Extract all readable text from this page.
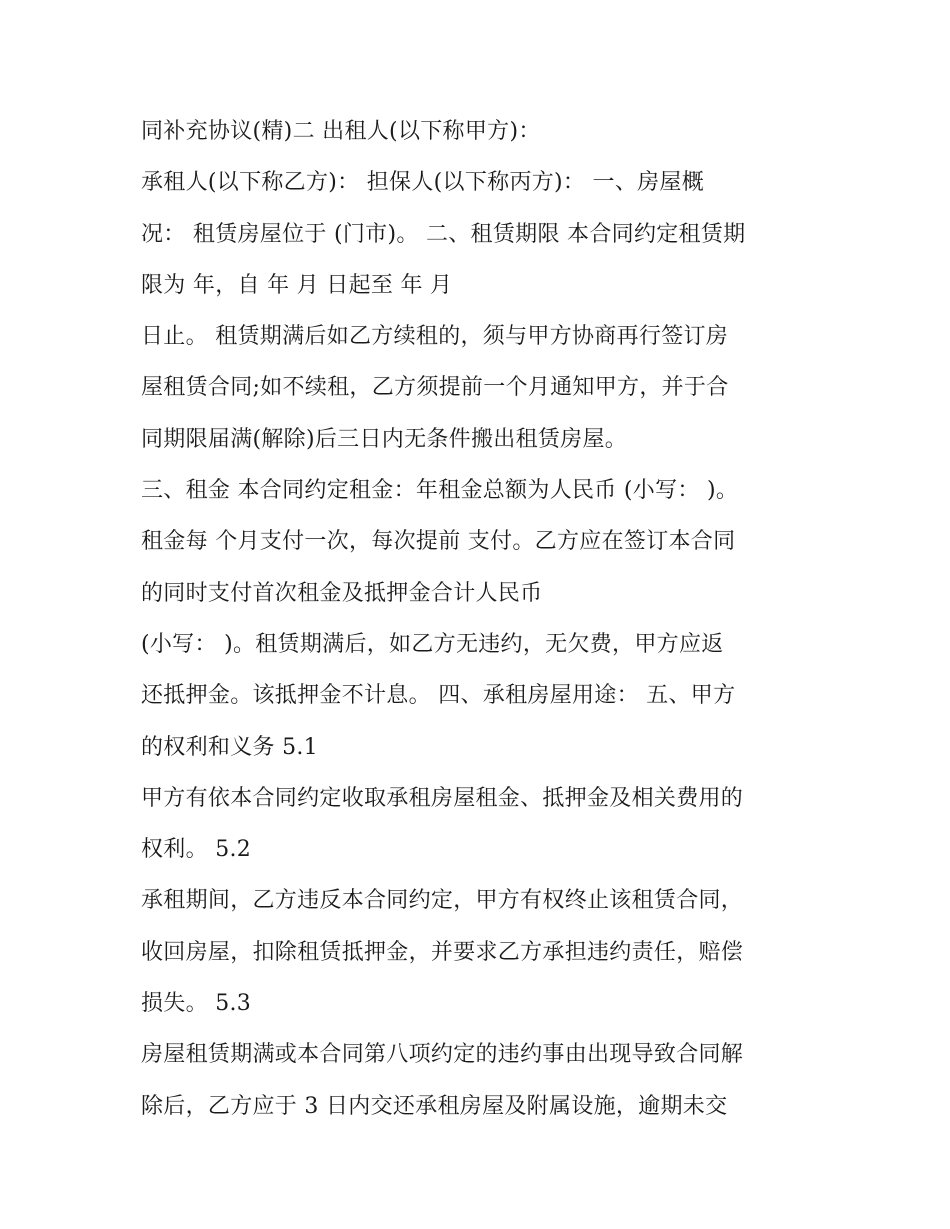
同补充协议(精)二 出租人(以下称甲方)：
承租人(以下称乙方)： 担保人(以下称丙方)： 一、房屋概
况： 租赁房屋位于 (门市)。 二、租赁期限 本合同约定租赁期
限为 年，自 年 月 日起至 年 月
日止。 租赁期满后如乙方续租的，须与甲方协商再行签订房
屋租赁合同;如不续租，乙方须提前一个月通知甲方，并于合
同期限届满(解除)后三日内无条件搬出租赁房屋。
三、租金 本合同约定租金：年租金总额为人民币 (小写： )。
租金每 个月支付一次，每次提前 支付。乙方应在签订本合同
的同时支付首次租金及抵押金合计人民币
(小写： )。租赁期满后，如乙方无违约，无欠费，甲方应返
还抵押金。该抵押金不计息。 四、承租房屋用途： 五、甲方
的权利和义务 5.1
甲方有依本合同约定收取承租房屋租金、抵押金及相关费用的
权利。 5.2
承租期间，乙方违反本合同约定，甲方有权终止该租赁合同，
收回房屋，扣除租赁抵押金，并要求乙方承担违约责任，赔偿
损失。 5.3
房屋租赁期满或本合同第八项约定的违约事由出现导致合同解
除后，乙方应于 3 日内交还承租房屋及附属设施，逾期未交
